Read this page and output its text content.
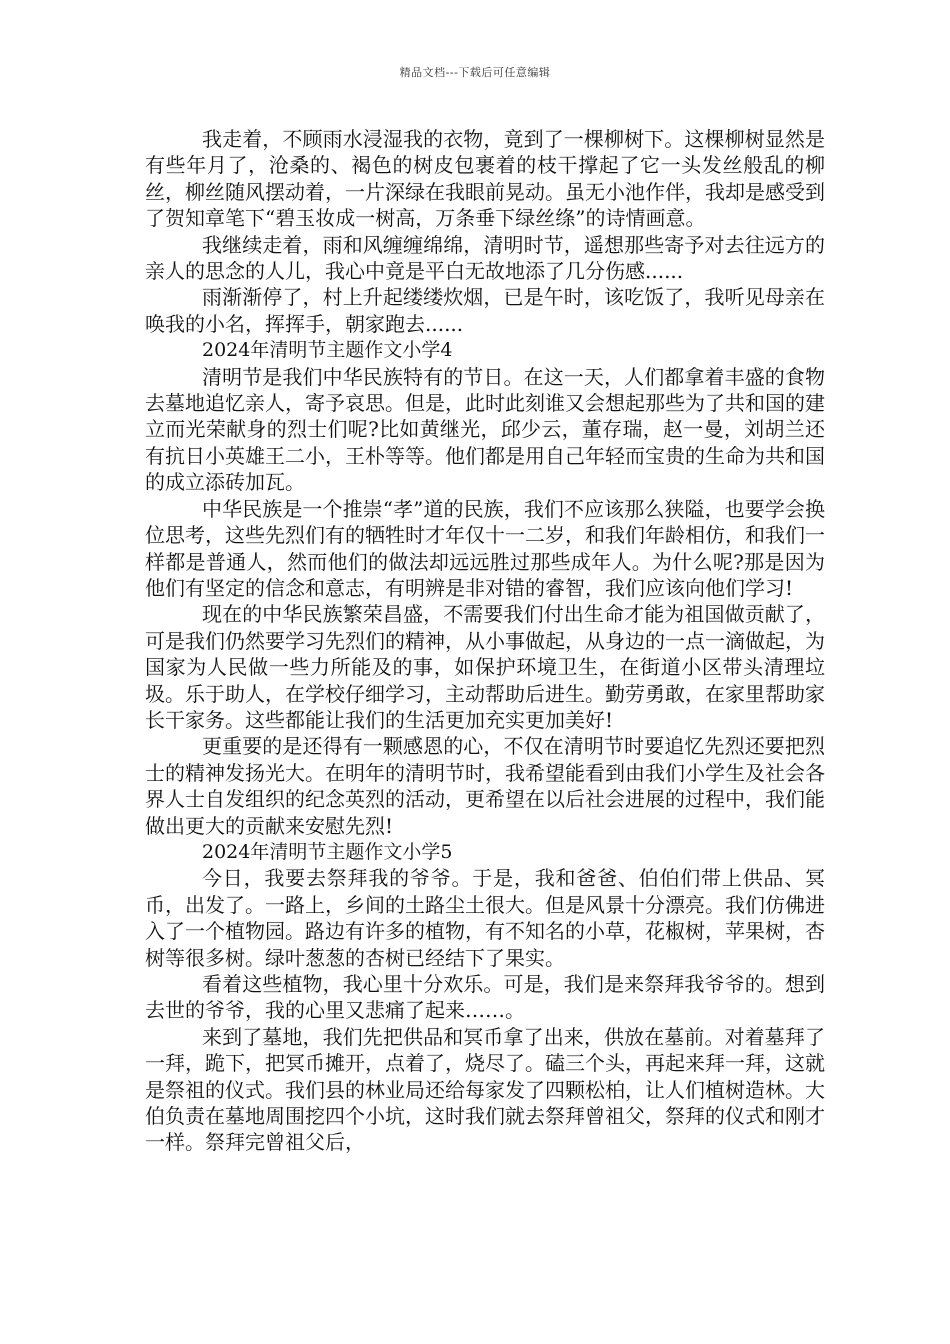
精品文档---下载后可任意编辑

我走着，不顾雨水浸湿我的衣物，竟到了一棵柳树下。这棵柳树显然是有些年月了，沧桑的、褐色的树皮包裹着的枝干撑起了它一头发丝般乱的柳丝，柳丝随风摆动着，一片深绿在我眼前晃动。虽无小池作伴，我却是感受到了贺知章笔下“碧玉妆成一树高，万条垂下绿丝绦”的诗情画意。

我继续走着，雨和风缠缠绵绵，清明时节，遥想那些寄予对去往远方的亲人的思念的人儿，我心中竟是平白无故地添了几分伤感......

雨渐渐停了，村上升起缕缕炊烟，已是午时，该吃饭了，我听见母亲在唤我的小名，挥挥手，朝家跑去......

2024年清明节主题作文小学4

清明节是我们中华民族特有的节日。在这一天，人们都拿着丰盛的食物去墓地追忆亲人，寄予哀思。但是，此时此刻谁又会想起那些为了共和国的建立而光荣献身的烈士们呢?比如黄继光，邱少云，董存瑞，赵一曼，刘胡兰还有抗日小英雄王二小，王朴等等。他们都是用自己年轻而宝贵的生命为共和国的成立添砖加瓦。

中华民族是一个推崇“孝”道的民族，我们不应该那么狭隘，也要学会换位思考，这些先烈们有的牺牲时才年仅十一二岁，和我们年龄相仿，和我们一样都是普通人，然而他们的做法却远远胜过那些成年人。为什么呢?那是因为他们有坚定的信念和意志，有明辨是非对错的睿智，我们应该向他们学习!

现在的中华民族繁荣昌盛，不需要我们付出生命才能为祖国做贡献了，可是我们仍然要学习先烈们的精神，从小事做起，从身边的一点一滴做起，为国家为人民做一些力所能及的事，如保护环境卫生，在街道小区带头清理垃圾。乐于助人，在学校仔细学习，主动帮助后进生。勤劳勇敢，在家里帮助家长干家务。这些都能让我们的生活更加充实更加美好!

更重要的是还得有一颗感恩的心，不仅在清明节时要追忆先烈还要把烈士的精神发扬光大。在明年的清明节时，我希望能看到由我们小学生及社会各界人士自发组织的纪念英烈的活动，更希望在以后社会进展的过程中，我们能做出更大的贡献来安慰先烈!

2024年清明节主题作文小学5

今日，我要去祭拜我的爷爷。于是，我和爸爸、伯伯们带上供品、冥币，出发了。一路上，乡间的土路尘土很大。但是风景十分漂亮。我们仿佛进入了一个植物园。路边有许多的植物，有不知名的小草，花椒树，苹果树，杏树等很多树。绿叶葱葱的杏树已经结下了果实。

看着这些植物，我心里十分欢乐。可是，我们是来祭拜我爷爷的。想到去世的爷爷，我的心里又悲痛了起来……。

来到了墓地，我们先把供品和冥币拿了出来，供放在墓前。对着墓拜了一拜，跪下，把冥币摊开，点着了，烧尽了。磕三个头，再起来拜一拜，这就是祭祖的仪式。我们县的林业局还给每家发了四颗松柏，让人们植树造林。大伯负责在墓地周围挖四个小坑，这时我们就去祭拜曾祖父，祭拜的仪式和刚才一样。祭拜完曾祖父后，
